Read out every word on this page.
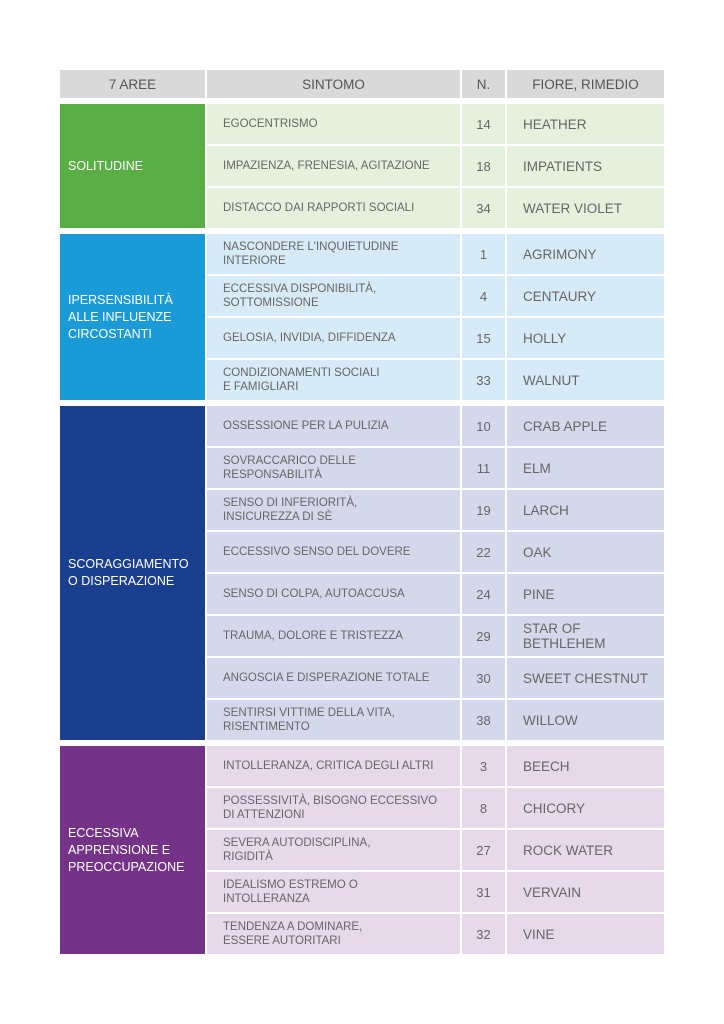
7 AREE	SINTOMO	N.	FIORE, RIMEDIO
SOLITUDINE
EGOCENTRISMO	14	HEATHER
IMPAZIENZA, FRENESIA, AGITAZIONE	18	IMPATIENTS
DISTACCO DAI RAPPORTI SOCIALI	34	WATER VIOLET
IPERSENSIBILITÀ
ALLE INFLUENZE
CIRCOSTANTI
NASCONDERE L'INQUIETUDINE
INTERIORE	1	AGRIMONY
ECCESSIVA DISPONIBILITÀ,
SOTTOMISSIONE	4	CENTAURY
GELOSIA, INVIDIA, DIFFIDENZA	15	HOLLY
CONDIZIONAMENTI SOCIALI
E FAMIGLIARI	33	WALNUT
SCORAGGIAMENTO
O DISPERAZIONE
OSSESSIONE PER LA PULIZIA	10	CRAB APPLE
SOVRACCARICO DELLE
RESPONSABILITÀ	11	ELM
SENSO DI INFERIORITÀ,
INSICUREZZA DI SÈ	19	LARCH
ECCESSIVO SENSO DEL DOVERE	22	OAK
SENSO DI COLPA, AUTOACCUSA	24	PINE
TRAUMA, DOLORE E TRISTEZZA	29	STAR OF BETHLEHEM
ANGOSCIA E DISPERAZIONE TOTALE	30	SWEET CHESTNUT
SENTIRSI VITTIME DELLA VITA,
RISENTIMENTO	38	WILLOW
ECCESSIVA
APPRENSIONE E
PREOCCUPAZIONE
INTOLLERANZA, CRITICA DEGLI ALTRI	3	BEECH
POSSESSIVITÀ, BISOGNO ECCESSIVO
DI ATTENZIONI	8	CHICORY
SEVERA AUTODISCIPLINA,
RIGIDITÀ	27	ROCK WATER
IDEALISMO ESTREMO O
INTOLLERANZA	31	VERVAIN
TENDENZA A DOMINARE,
ESSERE AUTORITARI	32	VINE
